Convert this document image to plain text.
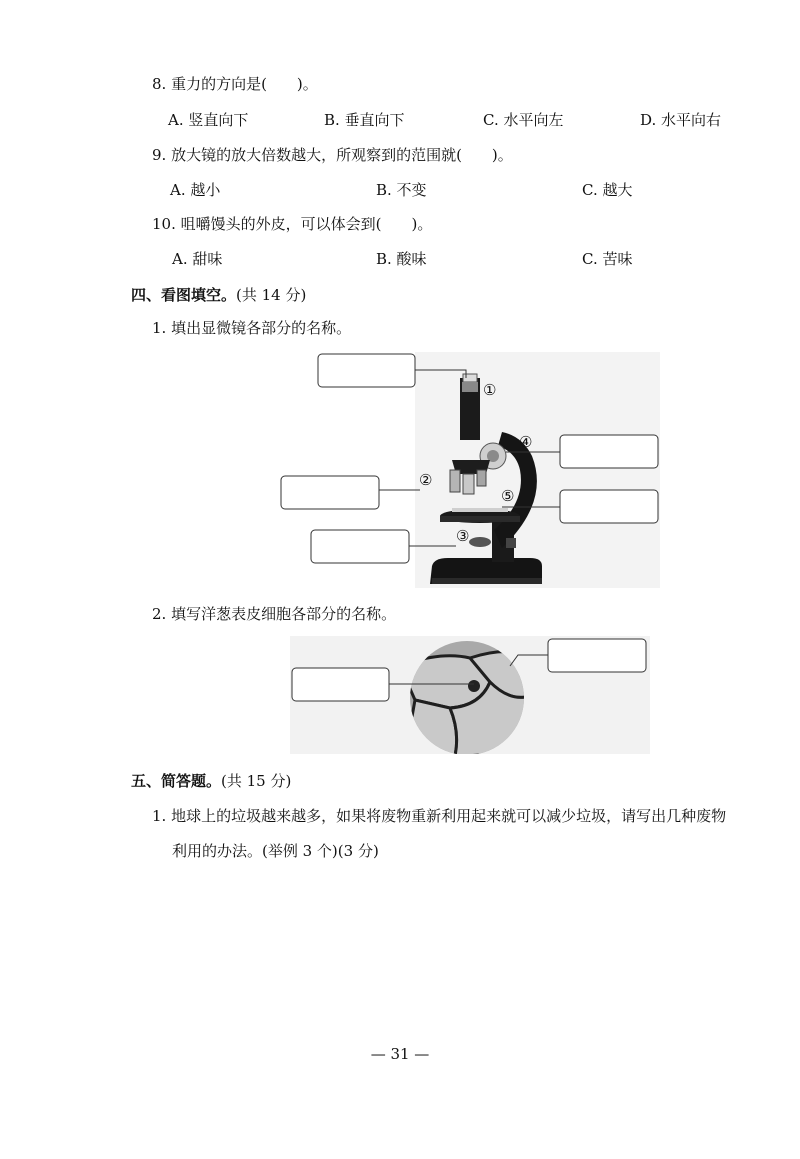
8. 重力的方向是(　　)。
A. 竖直向下	B. 垂直向下	C. 水平向左	D. 水平向右
9. 放大镜的放大倍数越大，所观察到的范围就(　　)。
A. 越小	B. 不变	C. 越大
10. 咀嚼馒头的外皮，可以体会到(　　)。
A. 甜味	B. 酸味	C. 苦味
四、看图填空。(共 14 分)
1. 填出显微镜各部分的名称。
①
②
③
④
⑤
2. 填写洋葱表皮细胞各部分的名称。
五、简答题。(共 15 分)
1. 地球上的垃圾越来越多，如果将废物重新利用起来就可以减少垃圾，请写出几种废物
利用的办法。(举例 3 个)(3 分)
— 31 —
